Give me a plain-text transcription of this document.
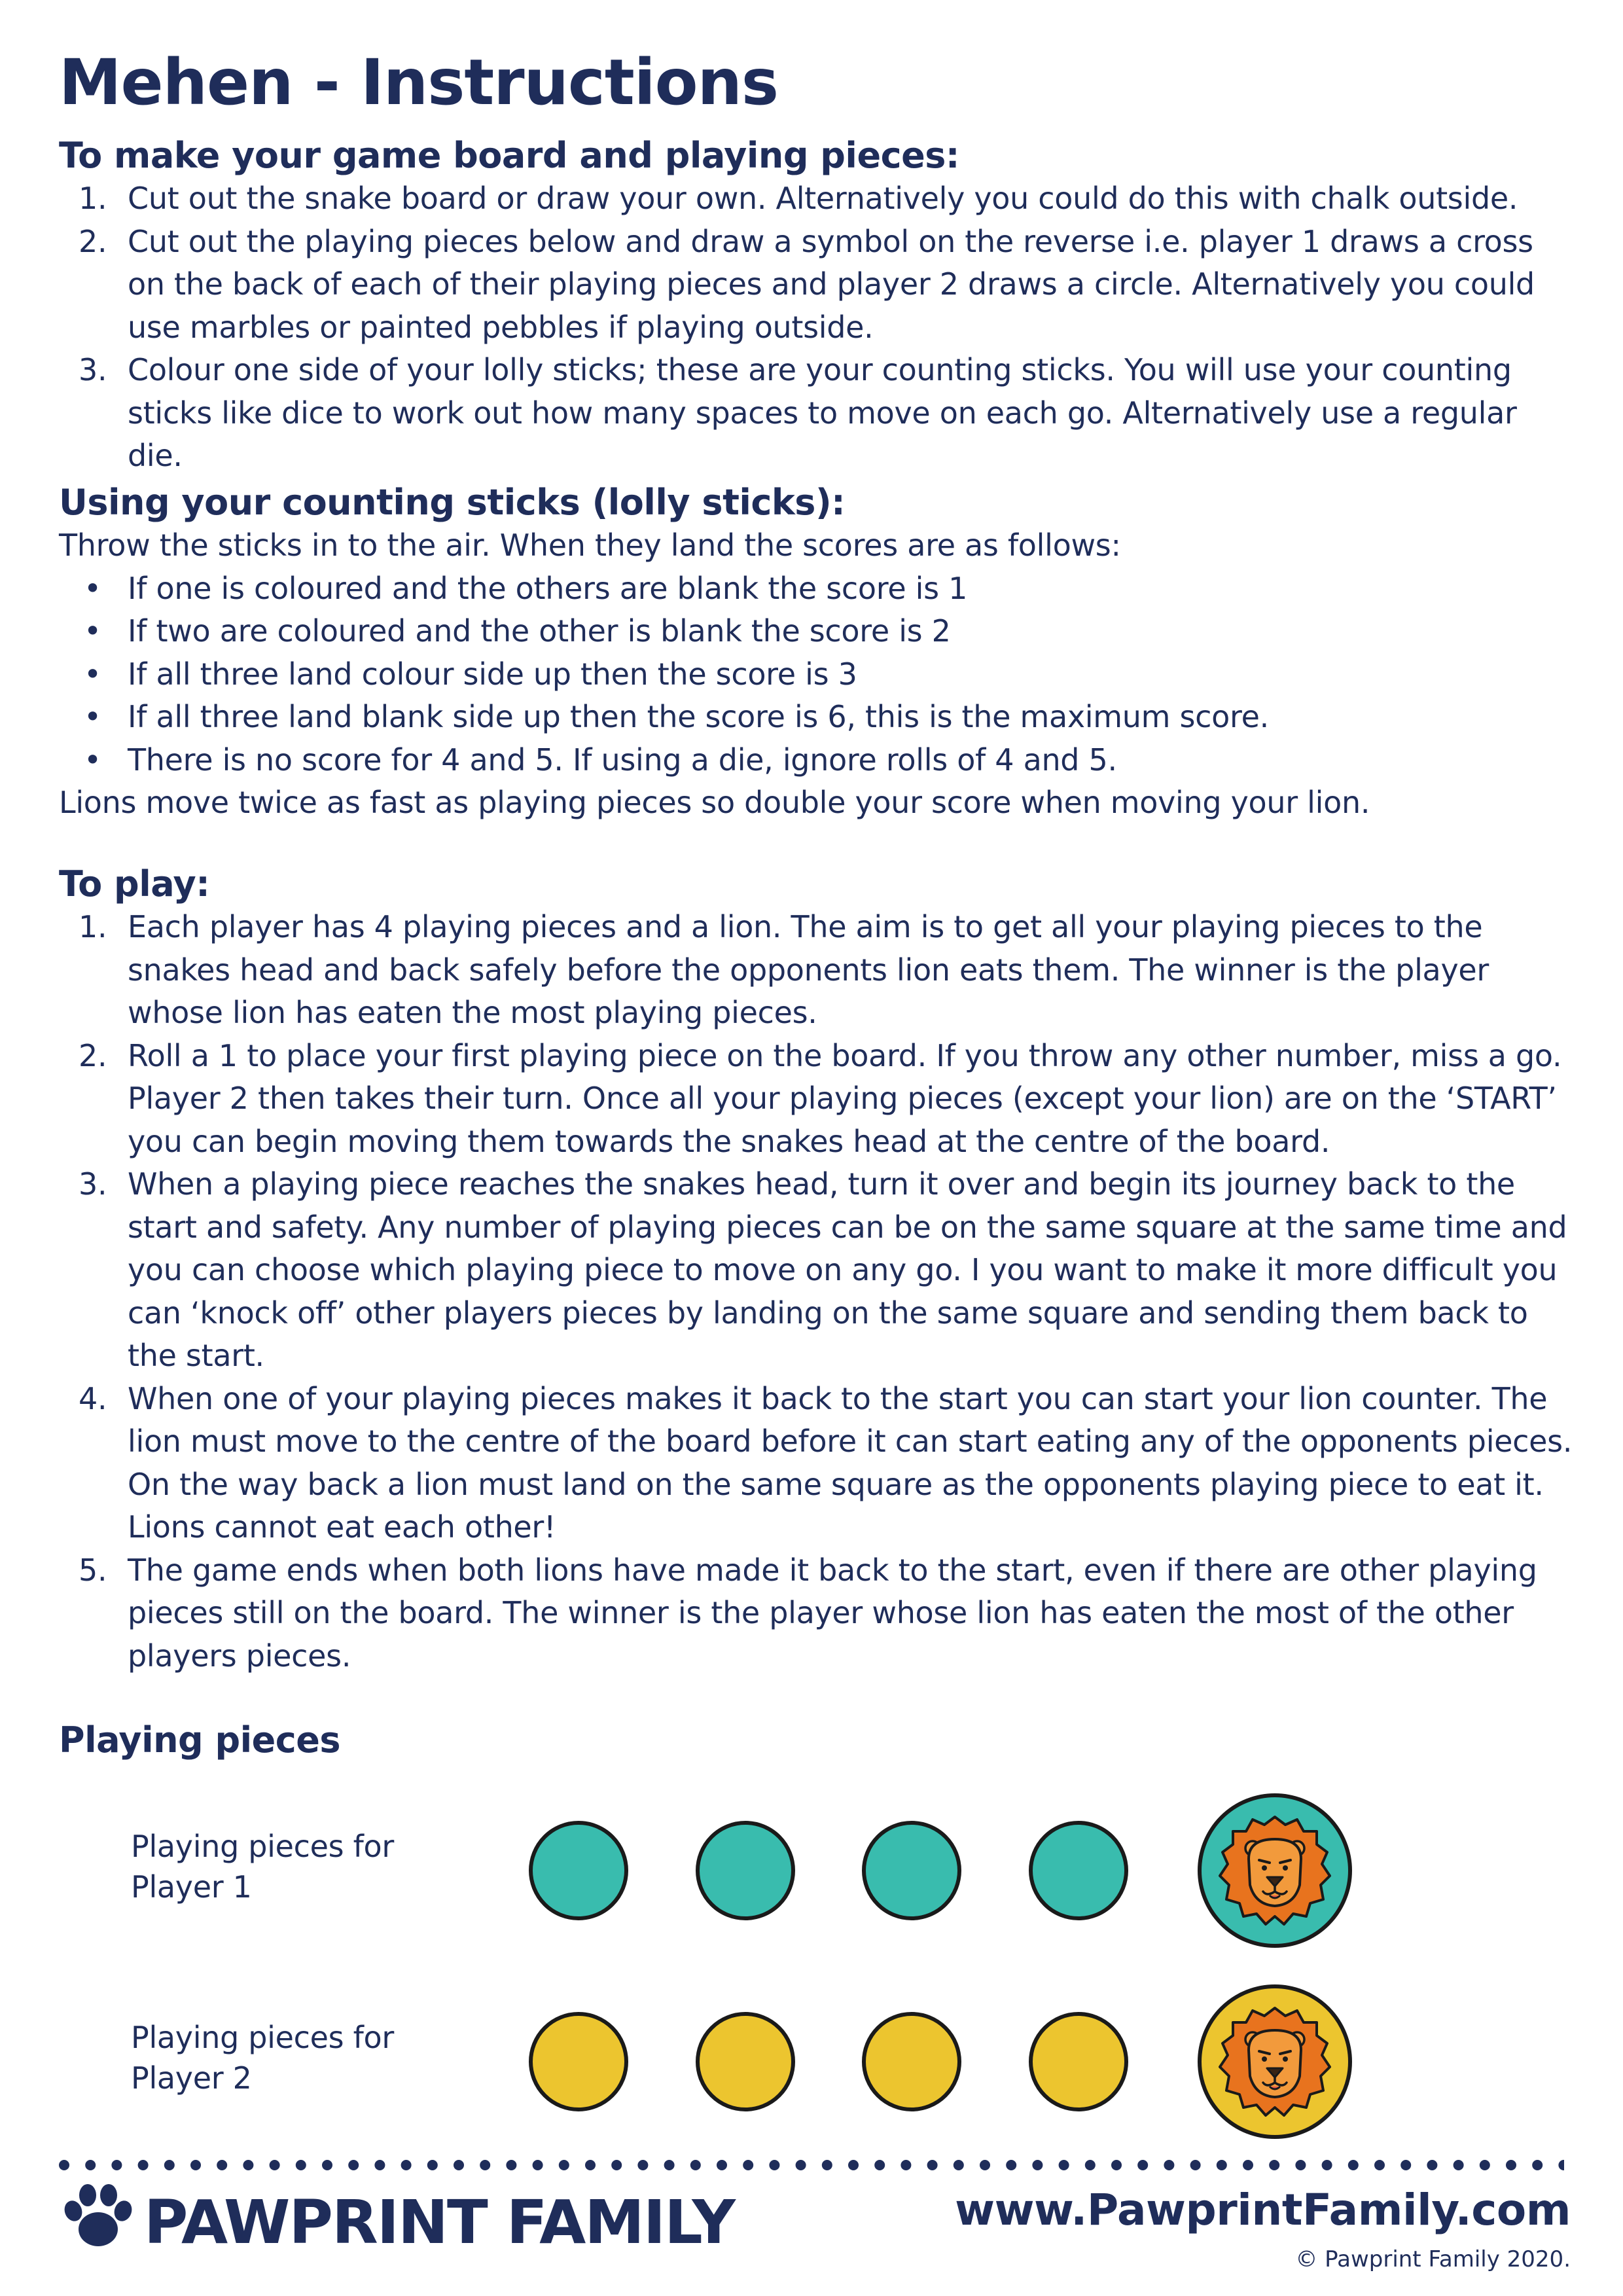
Mehen - Instructions

To make your game board and playing pieces:

1. Cut out the snake board or draw your own. Alternatively you could do this with chalk outside.
2. Cut out the playing pieces below and draw a symbol on the reverse i.e. player 1 draws a cross on the back of each of their playing pieces and player 2 draws a circle. Alternatively you could use marbles or painted pebbles if playing outside.
3. Colour one side of your lolly sticks; these are your counting sticks. You will use your counting sticks like dice to work out how many spaces to move on each go. Alternatively use a regular die.

Using your counting sticks (lolly sticks):

Throw the sticks in to the air. When they land the scores are as follows:

• If one is coloured and the others are blank the score is 1
• If two are coloured and the other is blank the score is 2
• If all three land colour side up then the score is 3
• If all three land blank side up then the score is 6, this is the maximum score.
• There is no score for 4 and 5. If using a die, ignore rolls of 4 and 5.

Lions move twice as fast as playing pieces so double your score when moving your lion.

To play:

1. Each player has 4 playing pieces and a lion. The aim is to get all your playing pieces to the snakes head and back safely before the opponents lion eats them. The winner is the player whose lion has eaten the most playing pieces.
2. Roll a 1 to place your first playing piece on the board. If you throw any other number, miss a go. Player 2 then takes their turn. Once all your playing pieces (except your lion) are on the ‘START’ you can begin moving them towards the snakes head at the centre of the board.
3. When a playing piece reaches the snakes head, turn it over and begin its journey back to the start and safety. Any number of playing pieces can be on the same square at the same time and you can choose which playing piece to move on any go. I you want to make it more difficult you can ‘knock off’ other players pieces by landing on the same square and sending them back to the start.
4. When one of your playing pieces makes it back to the start you can start your lion counter. The lion must move to the centre of the board before it can start eating any of the opponents pieces. On the way back a lion must land on the same square as the opponents playing piece to eat it. Lions cannot eat each other!
5. The game ends when both lions have made it back to the start, even if there are other playing pieces still on the board. The winner is the player whose lion has eaten the most of the other players pieces.

Playing pieces

Playing pieces for
Player 1
Playing pieces for
Player 2
PAWPRINT FAMILY	www.PawprintFamily.com
© Pawprint Family 2020.
